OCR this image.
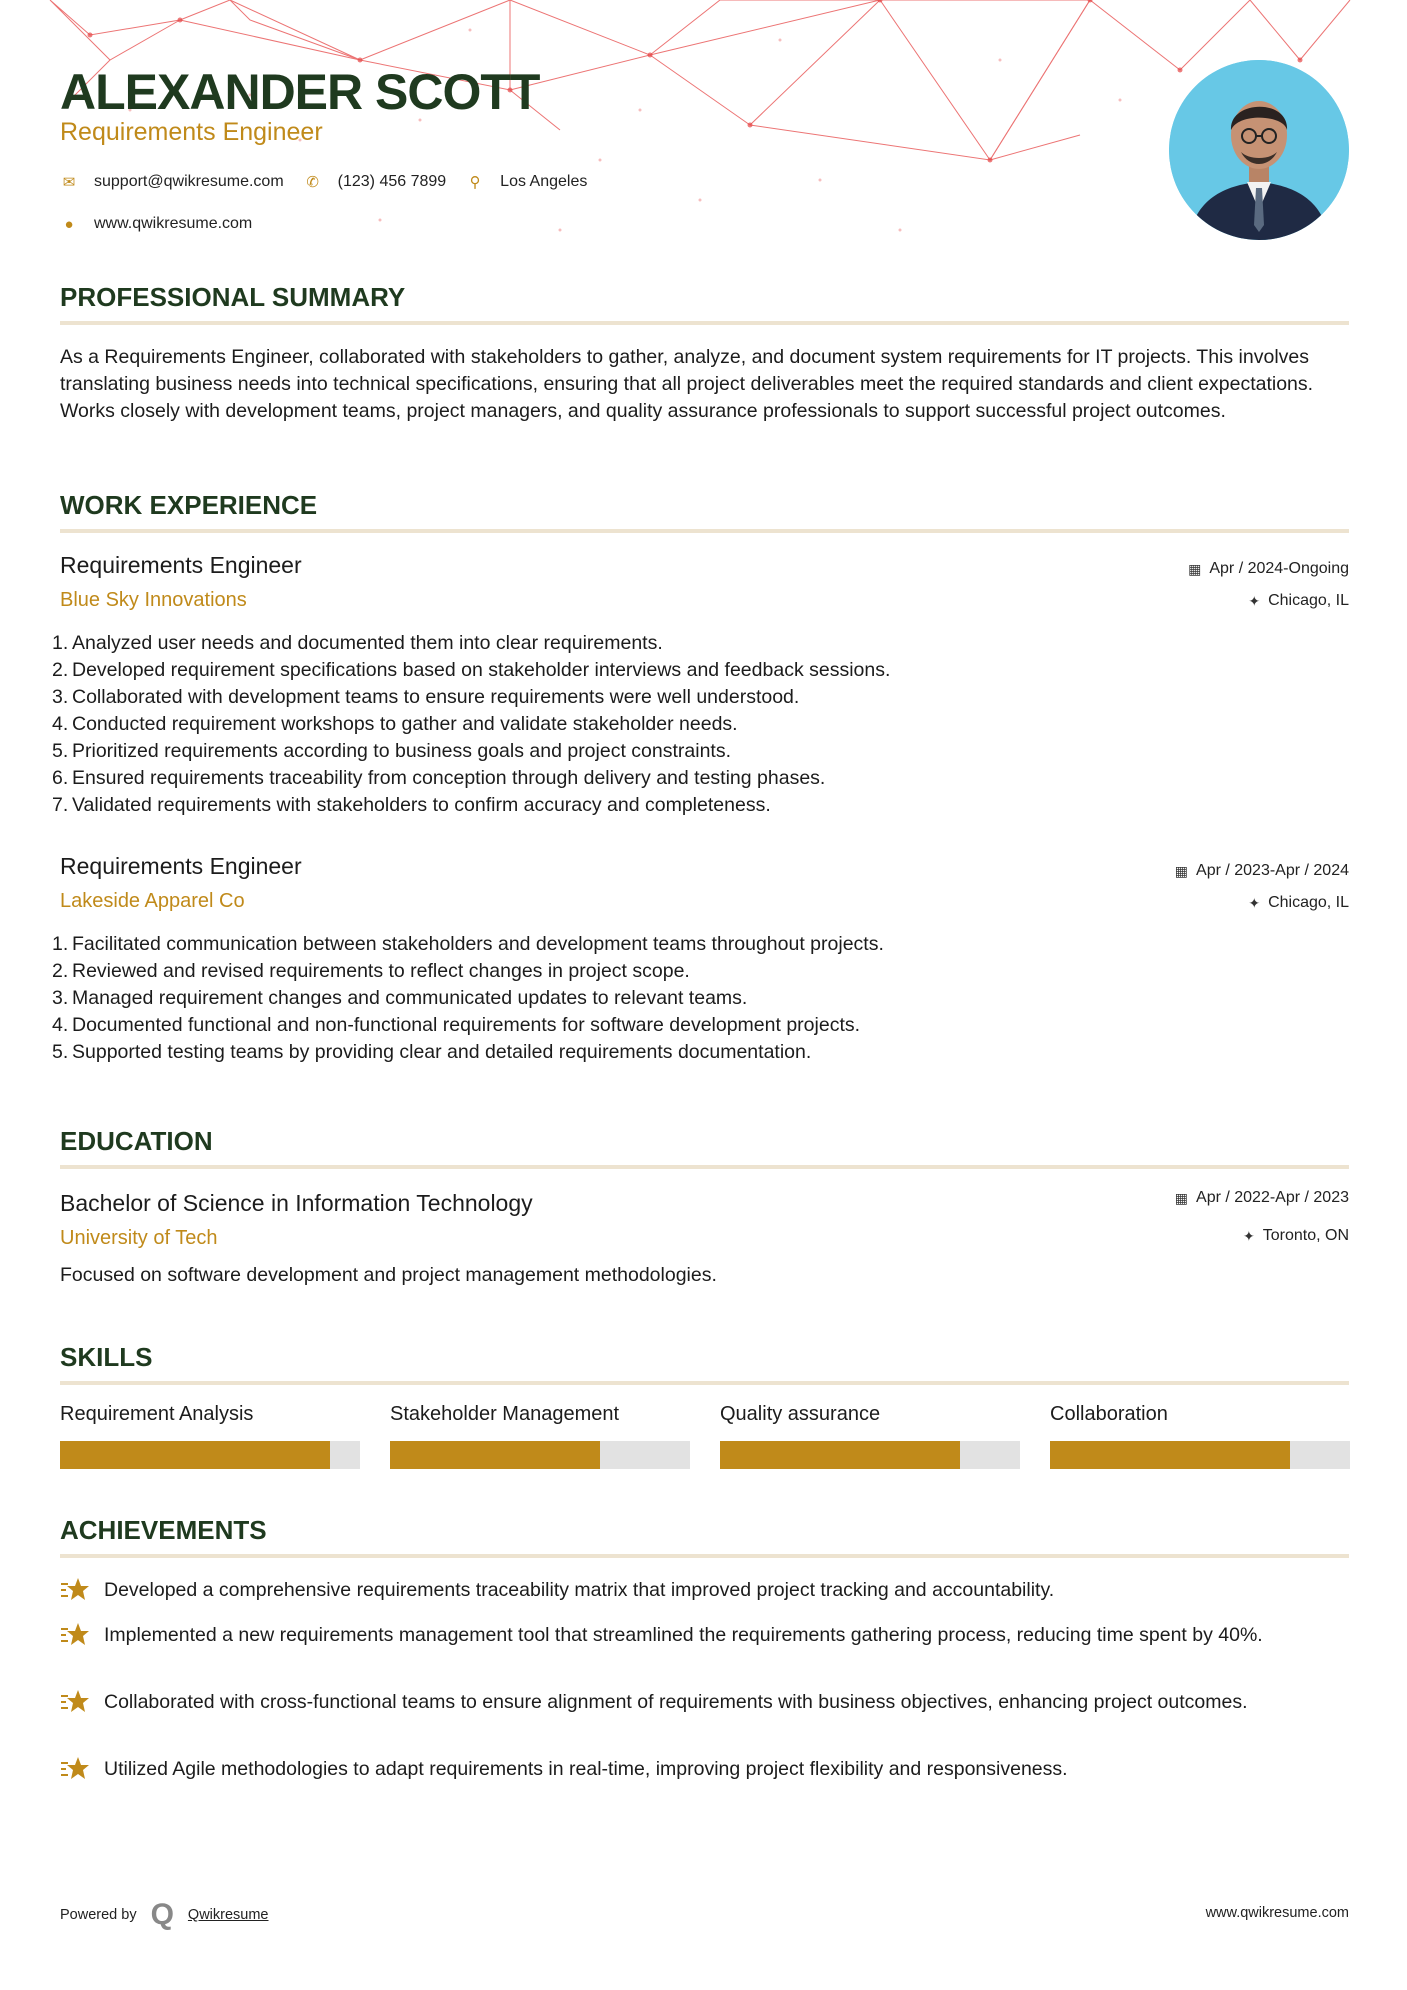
ALEXANDER SCOTT

Requirements Engineer

✉ support@qwikresume.com ✆ (123) 456 7899 ⚲ Los Angeles
● www.qwikresume.com
PROFESSIONAL SUMMARY

As a Requirements Engineer, collaborated with stakeholders to gather, analyze, and document system requirements for IT projects. This involves translating business needs into technical specifications, ensuring that all project deliverables meet the required standards and client expectations. Works closely with development teams, project managers, and quality assurance professionals to support successful project outcomes.

WORK EXPERIENCE

Requirements Engineer

Blue Sky Innovations

▦ Apr / 2024-Ongoing
✦ Chicago, IL
1. Analyzed user needs and documented them into clear requirements.
2. Developed requirement specifications based on stakeholder interviews and feedback sessions.
3. Collaborated with development teams to ensure requirements were well understood.
4. Conducted requirement workshops to gather and validate stakeholder needs.
5. Prioritized requirements according to business goals and project constraints.
6. Ensured requirements traceability from conception through delivery and testing phases.
7. Validated requirements with stakeholders to confirm accuracy and completeness.

Requirements Engineer

Lakeside Apparel Co

▦ Apr / 2023-Apr / 2024
✦ Chicago, IL
1. Facilitated communication between stakeholders and development teams throughout projects.
2. Reviewed and revised requirements to reflect changes in project scope.
3. Managed requirement changes and communicated updates to relevant teams.
4. Documented functional and non-functional requirements for software development projects.
5. Supported testing teams by providing clear and detailed requirements documentation.
EDUCATION

Bachelor of Science in Information Technology

University of Tech

▦ Apr / 2022-Apr / 2023
✦ Toronto, ON

Focused on software development and project management methodologies.

SKILLS
Requirement Analysis	Stakeholder Management	Quality assurance	Collaboration
ACHIEVEMENTS
Developed a comprehensive requirements traceability matrix that improved project tracking and accountability.
Implemented a new requirements management tool that streamlined the requirements gathering process, reducing time spent by 40%.
Collaborated with cross-functional teams to ensure alignment of requirements with business objectives, enhancing project outcomes.
Utilized Agile methodologies to adapt requirements in real-time, improving project flexibility and responsiveness.
Powered by Q Qwikresume	www.qwikresume.com
